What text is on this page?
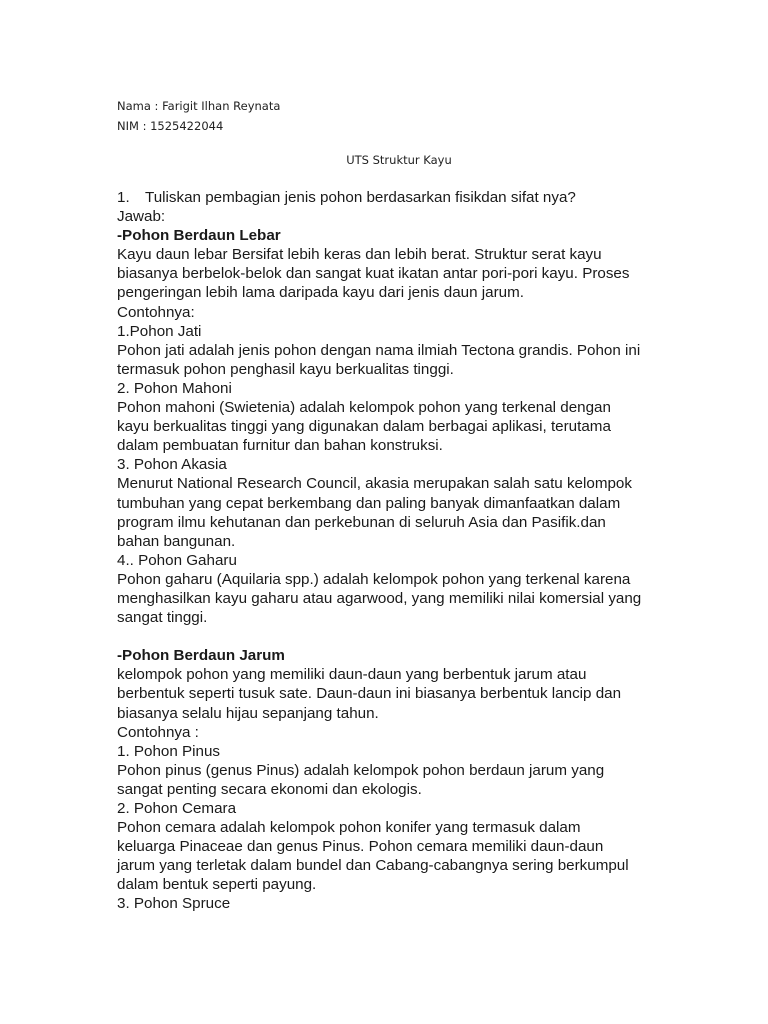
Nama : Farigit Ilhan Reynata
NIM : 1525422044
UTS Struktur Kayu
1. Tuliskan pembagian jenis pohon berdasarkan fisikdan sifat nya?
Jawab:
-Pohon Berdaun Lebar
Kayu daun lebar Bersifat lebih keras dan lebih berat. Struktur serat kayu
biasanya berbelok-belok dan sangat kuat ikatan antar pori-pori kayu. Proses
pengeringan lebih lama daripada kayu dari jenis daun jarum.
Contohnya:
1.Pohon Jati
Pohon jati adalah jenis pohon dengan nama ilmiah Tectona grandis. Pohon ini
termasuk pohon penghasil kayu berkualitas tinggi.
2. Pohon Mahoni
Pohon mahoni (Swietenia) adalah kelompok pohon yang terkenal dengan
kayu berkualitas tinggi yang digunakan dalam berbagai aplikasi, terutama
dalam pembuatan furnitur dan bahan konstruksi.
3. Pohon Akasia
Menurut National Research Council, akasia merupakan salah satu kelompok
tumbuhan yang cepat berkembang dan paling banyak dimanfaatkan dalam
program ilmu kehutanan dan perkebunan di seluruh Asia dan Pasifik.dan
bahan bangunan.
4.. Pohon Gaharu
Pohon gaharu (Aquilaria spp.) adalah kelompok pohon yang terkenal karena
menghasilkan kayu gaharu atau agarwood, yang memiliki nilai komersial yang
sangat tinggi.
-Pohon Berdaun Jarum
kelompok pohon yang memiliki daun-daun yang berbentuk jarum atau
berbentuk seperti tusuk sate. Daun-daun ini biasanya berbentuk lancip dan
biasanya selalu hijau sepanjang tahun.
Contohnya :
1. Pohon Pinus
Pohon pinus (genus Pinus) adalah kelompok pohon berdaun jarum yang
sangat penting secara ekonomi dan ekologis.
2. Pohon Cemara
Pohon cemara adalah kelompok pohon konifer yang termasuk dalam
keluarga Pinaceae dan genus Pinus. Pohon cemara memiliki daun-daun
jarum yang terletak dalam bundel dan Cabang-cabangnya sering berkumpul
dalam bentuk seperti payung.
3. Pohon Spruce
